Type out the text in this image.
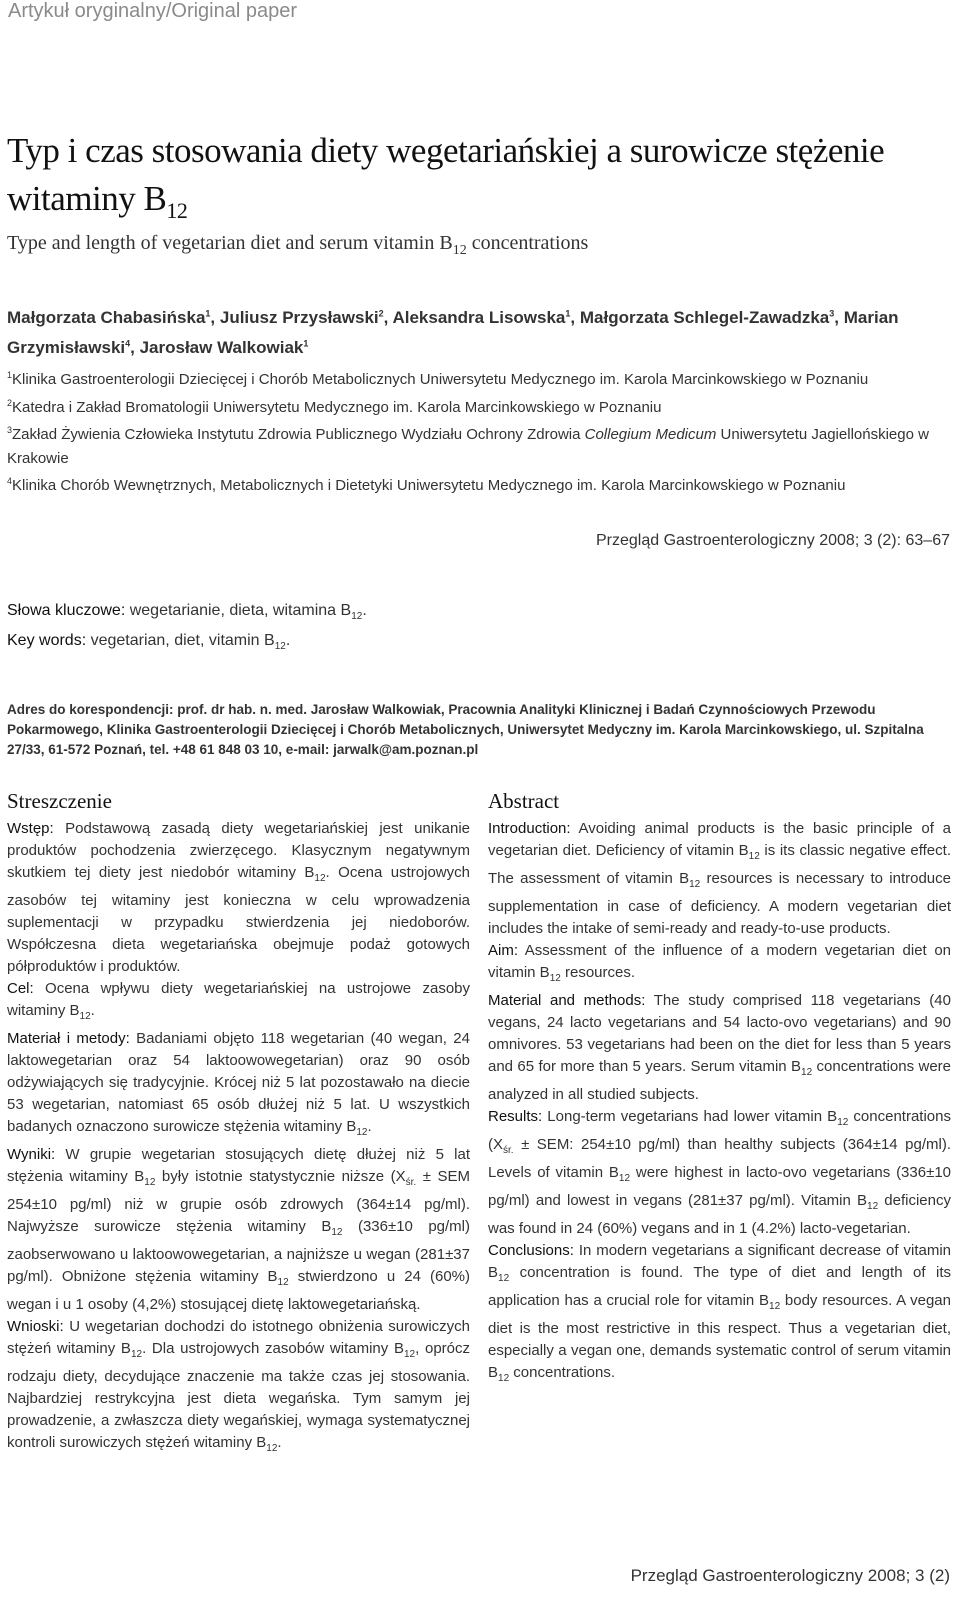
Artykuł oryginalny/Original paper
Typ i czas stosowania diety wegetariańskiej a surowicze stężenie witaminy $B_{12}$
Type and length of vegetarian diet and serum vitamin $B_{12}$ concentrations
Małgorzata Chabasińska$^1$, Juliusz Przysławski$^2$, Aleksandra Lisowska$^1$, Małgorzata Schlegel-Zawadzka$^3$, Marian Grzymisławski$^4$, Jarosław Walkowiak$^1$
$^1$Klinika Gastroenterologii Dziecięcej i Chorób Metabolicznych Uniwersytetu Medycznego im. Karola Marcinkowskiego w Poznaniu
$^2$Katedra i Zakład Bromatologii Uniwersytetu Medycznego im. Karola Marcinkowskiego w Poznaniu
$^3$Zakład Żywienia Człowieka Instytutu Zdrowia Publicznego Wydziału Ochrony Zdrowia Collegium Medicum Uniwersytetu Jagiellońskiego w Krakowie
$^4$Klinika Chorób Wewnętrznych, Metabolicznych i Dietetyki Uniwersytetu Medycznego im. Karola Marcinkowskiego w Poznaniu
Przegląd Gastroenterologiczny 2008; 3 (2): 63–67
Słowa kluczowe: wegetarianie, dieta, witamina $B_{12}$.
Key words: vegetarian, diet, vitamin $B_{12}$.
Adres do korespondencji: prof. dr hab. n. med. Jarosław Walkowiak, Pracownia Analityki Klinicznej i Badań Czynnościowych Przewodu Pokarmowego, Klinika Gastroenterologii Dziecięcej i Chorób Metabolicznych, Uniwersytet Medyczny im. Karola Marcinkowskiego, ul. Szpitalna 27/33, 61-572 Poznań, tel. +48 61 848 03 10, e-mail: jarwalk@am.poznan.pl
Streszczenie

Wstęp: Podstawową zasadą diety wegetariańskiej jest unikanie produktów pochodzenia zwierzęcego. Klasycznym negatywnym skutkiem tej diety jest niedobór witaminy $B_{12}$. Ocena ustrojowych zasobów tej witaminy jest konieczna w celu wprowadzenia suplementacji w przypadku stwierdzenia jej niedoborów. Współczesna dieta wegetariańska obejmuje podaż gotowych półproduktów i produktów.

Cel: Ocena wpływu diety wegetariańskiej na ustrojowe zasoby witaminy $B_{12}$.

Materiał i metody: Badaniami objęto 118 wegetarian (40 wegan, 24 laktowegetarian oraz 54 laktoowowegetarian) oraz 90 osób odżywiających się tradycyjnie. Krócej niż 5 lat pozostawało na diecie 53 wegetarian, natomiast 65 osób dłużej niż 5 lat. U wszystkich badanych oznaczono surowicze stężenia witaminy $B_{12}$.

Wyniki: W grupie wegetarian stosujących dietę dłużej niż 5 lat stężenia witaminy $B_{12}$ były istotnie statystycznie niższe ($X_{śr.}$ ± SEM 254±10 pg/ml) niż w grupie osób zdrowych (364±14 pg/ml). Najwyższe surowicze stężenia witaminy $B_{12}$ (336±10 pg/ml) zaobserwowano u laktoowowegetarian, a najniższe u wegan (281±37 pg/ml). Obniżone stężenia witaminy $B_{12}$ stwierdzono u 24 (60%) wegan i u 1 osoby (4,2%) stosującej dietę laktowegetariańską.

Wnioski: U wegetarian dochodzi do istotnego obniżenia surowiczych stężeń witaminy $B_{12}$. Dla ustrojowych zasobów witaminy $B_{12}$, oprócz rodzaju diety, decydujące znaczenie ma także czas jej stosowania. Najbardziej restrykcyjna jest dieta wegańska. Tym samym jej prowadzenie, a zwłaszcza diety wegańskiej, wymaga systematycznej kontroli surowiczych stężeń witaminy $B_{12}$.

Abstract

Introduction: Avoiding animal products is the basic principle of a vegetarian diet. Deficiency of vitamin $B_{12}$ is its classic negative effect. The assessment of vitamin $B_{12}$ resources is necessary to introduce supplementation in case of deficiency. A modern vegetarian diet includes the intake of semi-ready and ready-to-use products.

Aim: Assessment of the influence of a modern vegetarian diet on vitamin $B_{12}$ resources.

Material and methods: The study comprised 118 vegetarians (40 vegans, 24 lacto vegetarians and 54 lacto-ovo vegetarians) and 90 omnivores. 53 vegetarians had been on the diet for less than 5 years and 65 for more than 5 years. Serum vitamin $B_{12}$ concentrations were analyzed in all studied subjects.

Results: Long-term vegetarians had lower vitamin $B_{12}$ concentrations ($X_{śr.}$ ± SEM: 254±10 pg/ml) than healthy subjects (364±14 pg/ml). Levels of vitamin $B_{12}$ were highest in lacto-ovo vegetarians (336±10 pg/ml) and lowest in vegans (281±37 pg/ml). Vitamin $B_{12}$ deficiency was found in 24 (60%) vegans and in 1 (4.2%) lacto-vegetarian.

Conclusions: In modern vegetarians a significant decrease of vitamin $B_{12}$ concentration is found. The type of diet and length of its application has a crucial role for vitamin $B_{12}$ body resources. A vegan diet is the most restrictive in this respect. Thus a vegetarian diet, especially a vegan one, demands systematic control of serum vitamin $B_{12}$ concentrations.

Przegląd Gastroenterologiczny 2008; 3 (2)
